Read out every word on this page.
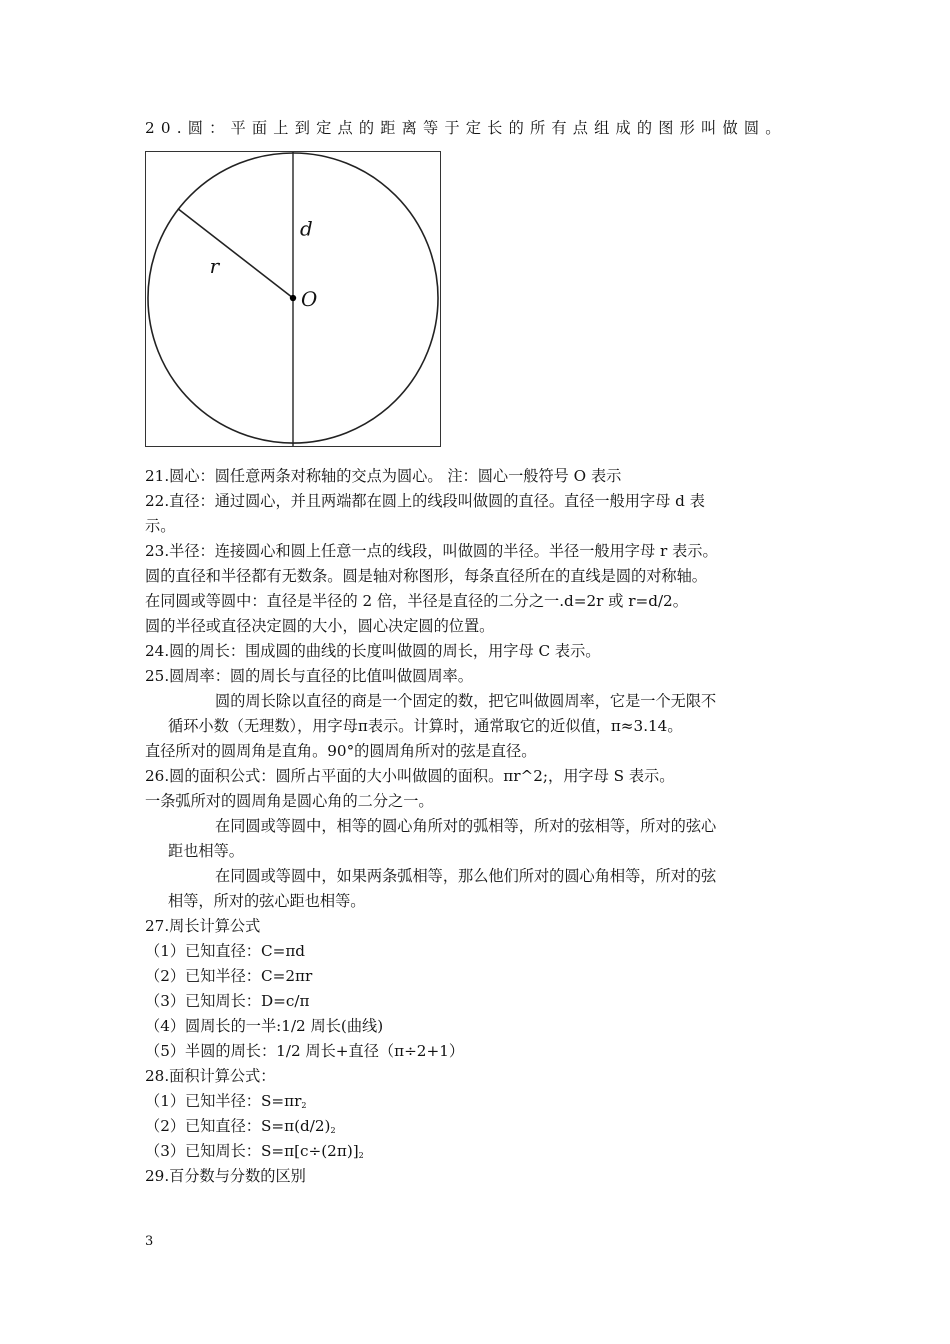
20.圆：平面上到定点的距离等于定长的所有点组成的图形叫做圆。
d
r
O
21.圆心：圆任意两条对称轴的交点为圆心。 注：圆心一般符号 O 表示
22.直径：通过圆心，并且两端都在圆上的线段叫做圆的直径。直径一般用字母 d 表
示。
23.半径：连接圆心和圆上任意一点的线段，叫做圆的半径。半径一般用字母 r 表示。
圆的直径和半径都有无数条。圆是轴对称图形，每条直径所在的直线是圆的对称轴。
在同圆或等圆中：直径是半径的 2 倍，半径是直径的二分之一.d=2r 或 r=d/2。
圆的半径或直径决定圆的大小，圆心决定圆的位置。
24.圆的周长：围成圆的曲线的长度叫做圆的周长，用字母 C 表示。
25.圆周率：圆的周长与直径的比值叫做圆周率。
圆的周长除以直径的商是一个固定的数，把它叫做圆周率，它是一个无限不
循环小数（无理数），用字母π表示。计算时，通常取它的近似值，π≈3.14。
直径所对的圆周角是直角。90°的圆周角所对的弦是直径。
26.圆的面积公式：圆所占平面的大小叫做圆的面积。πr^2;，用字母 S 表示。
一条弧所对的圆周角是圆心角的二分之一。
在同圆或等圆中，相等的圆心角所对的弧相等，所对的弦相等，所对的弦心
距也相等。
在同圆或等圆中，如果两条弧相等，那么他们所对的圆心角相等，所对的弦
相等，所对的弦心距也相等。
27.周长计算公式
（1）已知直径：C=πd
（2）已知半径：C=2πr
（3）已知周长：D=c/π
（4）圆周长的一半:1/2 周长(曲线)
（5）半圆的周长：1/2 周长+直径（π÷2+1）
28.面积计算公式：
（1）已知半径：$S=\pi r_2$
（2）已知直径：$S=\pi(d/2)_2$
（3）已知周长：$S=\pi[c\div(2\pi)]_2$
29.百分数与分数的区别
3
